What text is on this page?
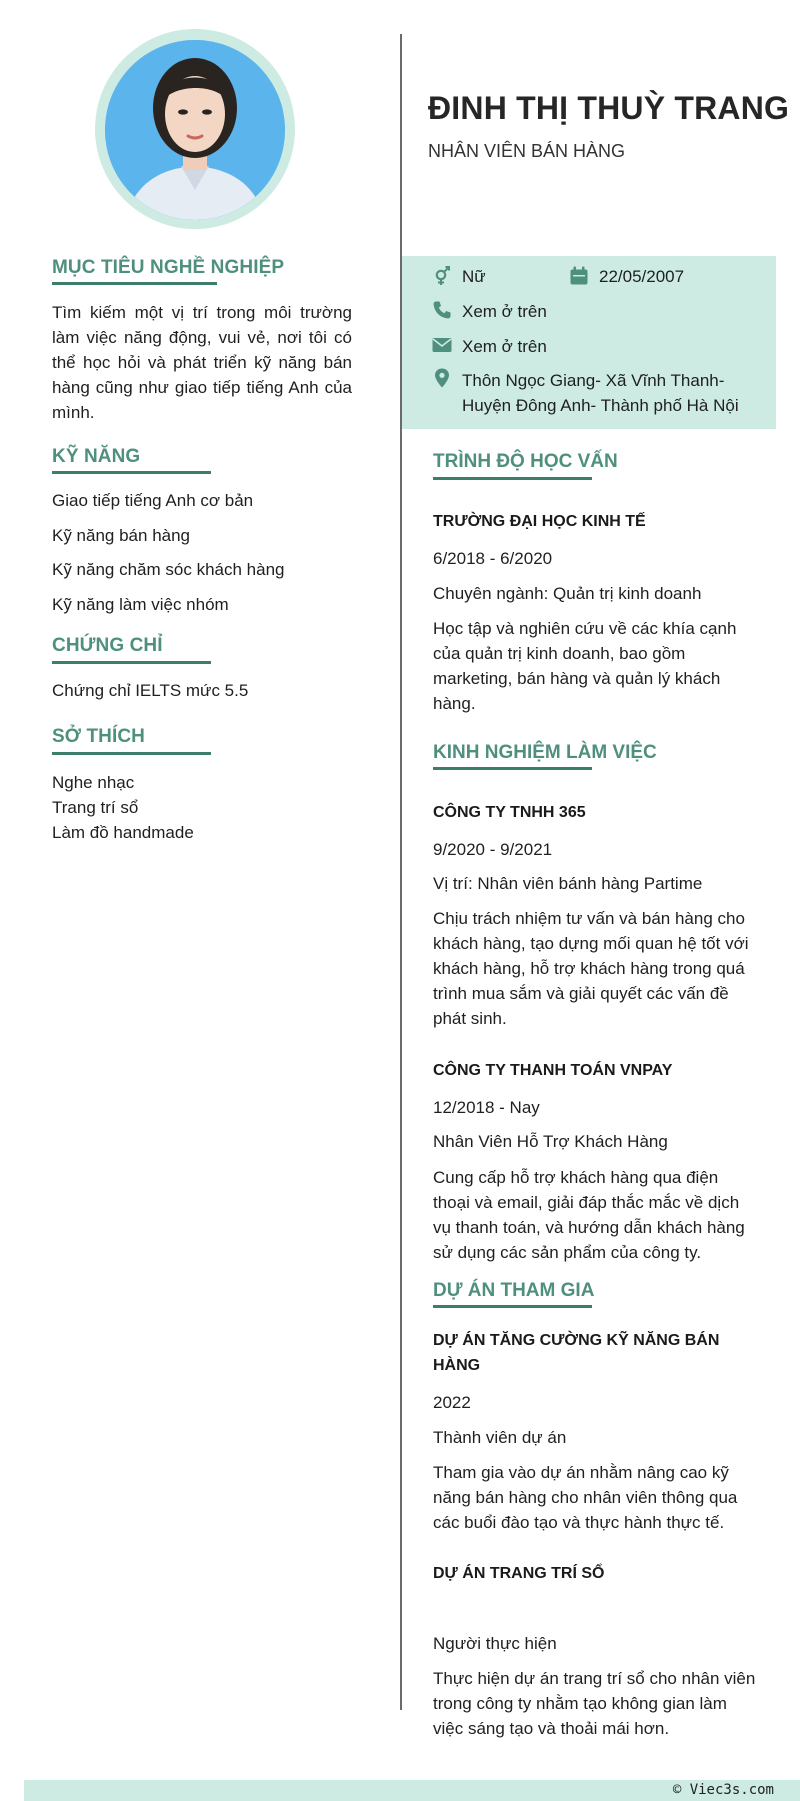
MỤC TIÊU NGHỀ NGHIỆP
Tìm kiếm một vị trí trong môi trường làm việc năng động, vui vẻ, nơi tôi có thể học hỏi và phát triển kỹ năng bán hàng cũng như giao tiếp tiếng Anh của mình.
KỸ NĂNG
Giao tiếp tiếng Anh cơ bản
Kỹ năng bán hàng
Kỹ năng chăm sóc khách hàng
Kỹ năng làm việc nhóm
CHỨNG CHỈ
Chứng chỉ IELTS mức 5.5
SỞ THÍCH
Nghe nhạc
Trang trí sổ
Làm đồ handmade
ĐINH THỊ THUỲ TRANG
NHÂN VIÊN BÁN HÀNG
Nữ	22/05/2007
Xem ở trên
Xem ở trên
Thôn Ngọc Giang- Xã Vĩnh Thanh-
Huyện Đông Anh- Thành phố Hà Nội
TRÌNH ĐỘ HỌC VẤN
TRƯỜNG ĐẠI HỌC KINH TẾ
6/2018 - 6/2020
Chuyên ngành: Quản trị kinh doanh
Học tập và nghiên cứu về các khía cạnh của quản trị kinh doanh, bao gồm marketing, bán hàng và quản lý khách hàng.
KINH NGHIỆM LÀM VIỆC
CÔNG TY TNHH 365
9/2020 - 9/2021
Vị trí: Nhân viên bánh hàng Partime
Chịu trách nhiệm tư vấn và bán hàng cho khách hàng, tạo dựng mối quan hệ tốt với khách hàng, hỗ trợ khách hàng trong quá trình mua sắm và giải quyết các vấn đề phát sinh.
CÔNG TY THANH TOÁN VNPAY
12/2018 - Nay
Nhân Viên Hỗ Trợ Khách Hàng
Cung cấp hỗ trợ khách hàng qua điện thoại và email, giải đáp thắc mắc về dịch vụ thanh toán, và hướng dẫn khách hàng sử dụng các sản phẩm của công ty.
DỰ ÁN THAM GIA
DỰ ÁN TĂNG CƯỜNG KỸ NĂNG BÁN HÀNG
2022
Thành viên dự án
Tham gia vào dự án nhằm nâng cao kỹ năng bán hàng cho nhân viên thông qua các buổi đào tạo và thực hành thực tế.
DỰ ÁN TRANG TRÍ SỔ
Người thực hiện
Thực hiện dự án trang trí sổ cho nhân viên trong công ty nhằm tạo không gian làm việc sáng tạo và thoải mái hơn.
© Viec3s.com
